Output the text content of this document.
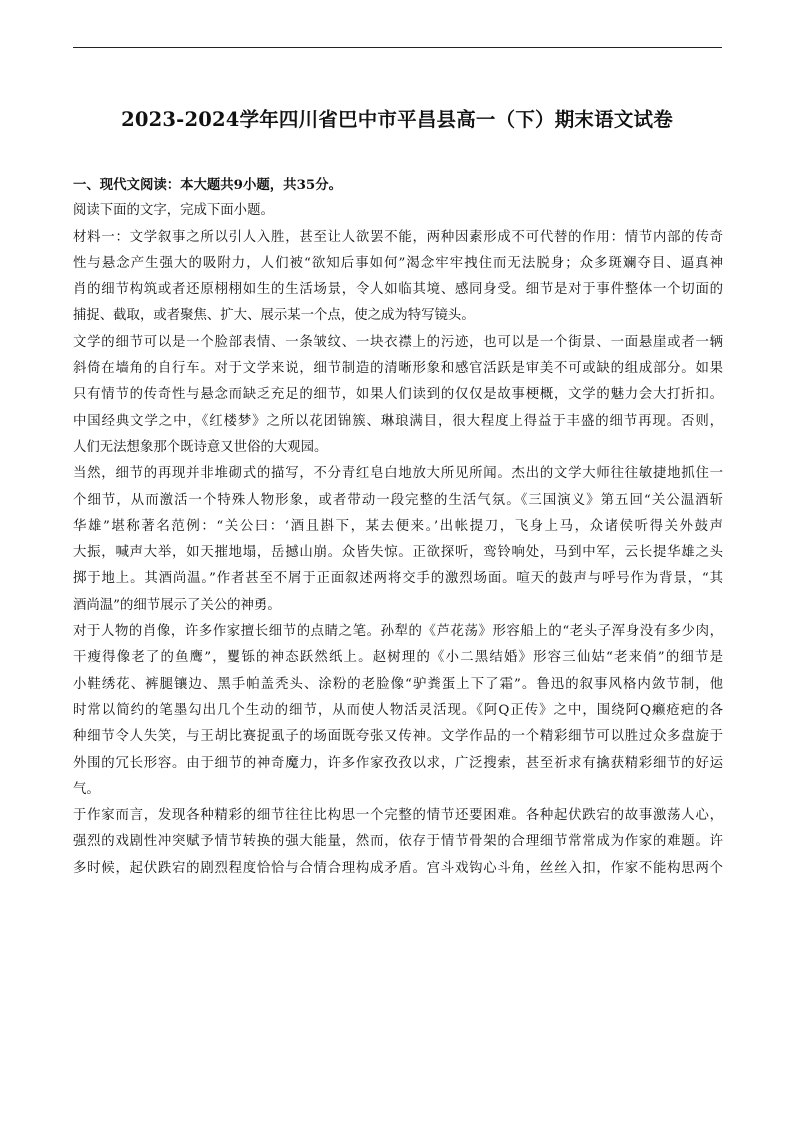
2023-2024学年四川省巴中市平昌县高一（下）期末语文试卷

一、现代文阅读：本大题共9小题，共35分。

阅读下面的文字，完成下面小题。

材料一：文学叙事之所以引人入胜，甚至让人欲罢不能，两种因素形成不可代替的作用：情节内部的传奇
性与悬念产生强大的吸附力，人们被“欲知后事如何”渴念牢牢拽住而无法脱身；众多斑斓夺目、逼真神
肖的细节构筑或者还原栩栩如生的生活场景，令人如临其境、感同身受。细节是对于事件整体一个切面的
捕捉、截取，或者聚焦、扩大、展示某一个点，使之成为特写镜头。

文学的细节可以是一个脸部表情、一条皱纹、一块衣襟上的污迹，也可以是一个街景、一面悬崖或者一辆
斜倚在墙角的自行车。对于文学来说，细节制造的清晰形象和感官活跃是审美不可或缺的组成部分。如果
只有情节的传奇性与悬念而缺乏充足的细节，如果人们读到的仅仅是故事梗概，文学的魅力会大打折扣。
中国经典文学之中，《红楼梦》之所以花团锦簇、琳琅满目，很大程度上得益于丰盛的细节再现。否则，
人们无法想象那个既诗意又世俗的大观园。

当然，细节的再现并非堆砌式的描写，不分青红皂白地放大所见所闻。杰出的文学大师往往敏捷地抓住一
个细节，从而激活一个特殊人物形象，或者带动一段完整的生活气氛。《三国演义》第五回“关公温酒斩
华雄”堪称著名范例：“关公曰：‘酒且斟下，某去便来。’出帐提刀，飞身上马，众诸侯听得关外鼓声
大振，喊声大举，如天摧地塌，岳撼山崩。众皆失惊。正欲探听，鸾铃响处，马到中军，云长提华雄之头
掷于地上。其酒尚温。”作者甚至不屑于正面叙述两将交手的激烈场面。喧天的鼓声与呼号作为背景，“其
酒尚温”的细节展示了关公的神勇。

对于人物的肖像，许多作家擅长细节的点睛之笔。孙犁的《芦花荡》形容船上的“老头子浑身没有多少肉，
干瘦得像老了的鱼鹰”，矍铄的神态跃然纸上。赵树理的《小二黑结婚》形容三仙姑“老来俏”的细节是
小鞋绣花、裤腿镶边、黑手帕盖秃头、涂粉的老脸像“驴粪蛋上下了霜”。鲁迅的叙事风格内敛节制，他
时常以简约的笔墨勾出几个生动的细节，从而使人物活灵活现。《阿Q正传》之中，围绕阿Q癞疮疤的各
种细节令人失笑，与王胡比赛捉虱子的场面既夸张又传神。文学作品的一个精彩细节可以胜过众多盘旋于
外围的冗长形容。由于细节的神奇魔力，许多作家孜孜以求，广泛搜索，甚至祈求有擒获精彩细节的好运
气。

于作家而言，发现各种精彩的细节往往比构思一个完整的情节还要困难。各种起伏跌宕的故事激荡人心，
强烈的戏剧性冲突赋予情节转换的强大能量，然而，依存于情节骨架的合理细节常常成为作家的难题。许
多时候，起伏跌宕的剧烈程度恰恰与合情合理构成矛盾。宫斗戏钩心斗角，丝丝入扣，作家不能构思两个
